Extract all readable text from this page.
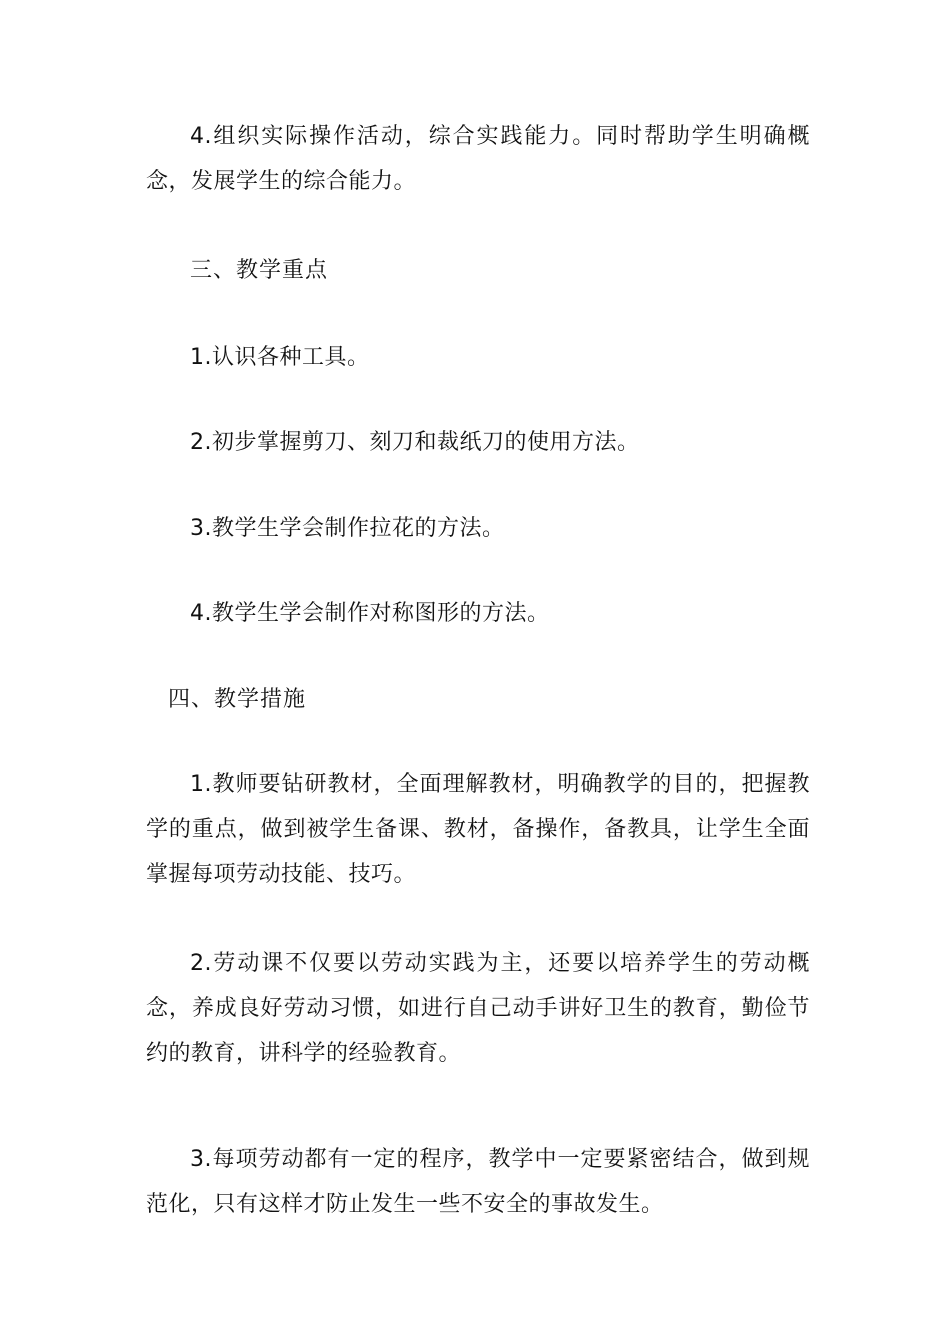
4.组织实际操作活动，综合实践能力。同时帮助学生明确概念，发展学生的综合能力。

三、教学重点

1.认识各种工具。

2.初步掌握剪刀、刻刀和裁纸刀的使用方法。

3.教学生学会制作拉花的方法。

4.教学生学会制作对称图形的方法。

四、教学措施

1.教师要钻研教材，全面理解教材，明确教学的目的，把握教学的重点，做到被学生备课、教材，备操作，备教具，让学生全面掌握每项劳动技能、技巧。

2.劳动课不仅要以劳动实践为主，还要以培养学生的劳动概念，养成良好劳动习惯，如进行自己动手讲好卫生的教育，勤俭节约的教育，讲科学的经验教育。

3.每项劳动都有一定的程序，教学中一定要紧密结合，做到规范化，只有这样才防止发生一些不安全的事故发生。
